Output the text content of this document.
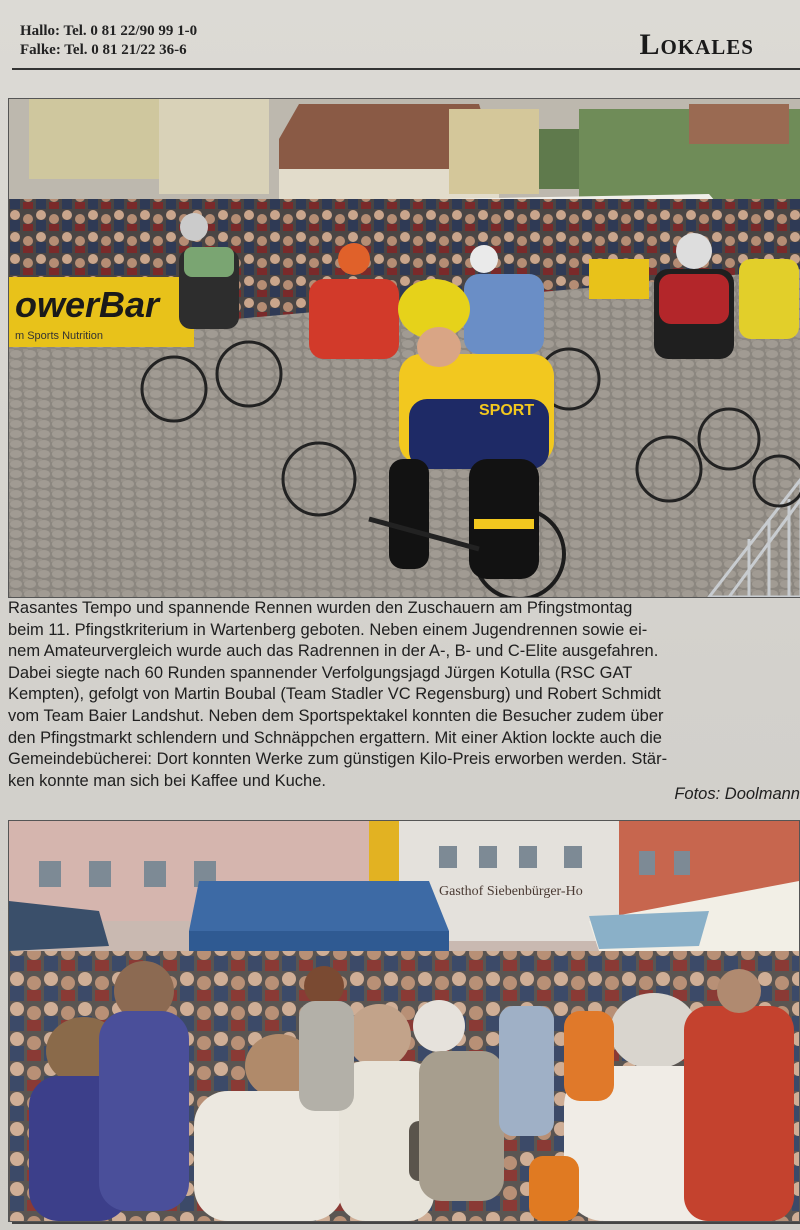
Hallo: Tel. 0 81 22/90 99 1-0
Falke: Tel. 0 81 21/22 36-6	Lokales
owerBar
m Sports Nutrition
SPORT
Rasantes Tempo und spannende Rennen wurden den Zuschauern am Pfingstmontag
beim 11. Pfingstkriterium in Wartenberg geboten. Neben einem Jugendrennen sowie ei-
nem Amateurvergleich wurde auch das Radrennen in der A-, B- und C-Elite ausgefahren.
Dabei siegte nach 60 Runden spannender Verfolgungsjagd Jürgen Kotulla (RSC GAT
Kempten), gefolgt von Martin Boubal (Team Stadler VC Regensburg) und Robert Schmidt
vom Team Baier Landshut. Neben dem Sportspektakel konnten die Besucher zudem über
den Pfingstmarkt schlendern und Schnäppchen ergattern. Mit einer Aktion lockte auch die
Gemeindebücherei: Dort konnten Werke zum günstigen Kilo-Preis erworben werden. Stär-
ken konnte man sich bei Kaffee und Kuche.
Fotos: Doolmann
Gasthof Siebenbürger-Ho
